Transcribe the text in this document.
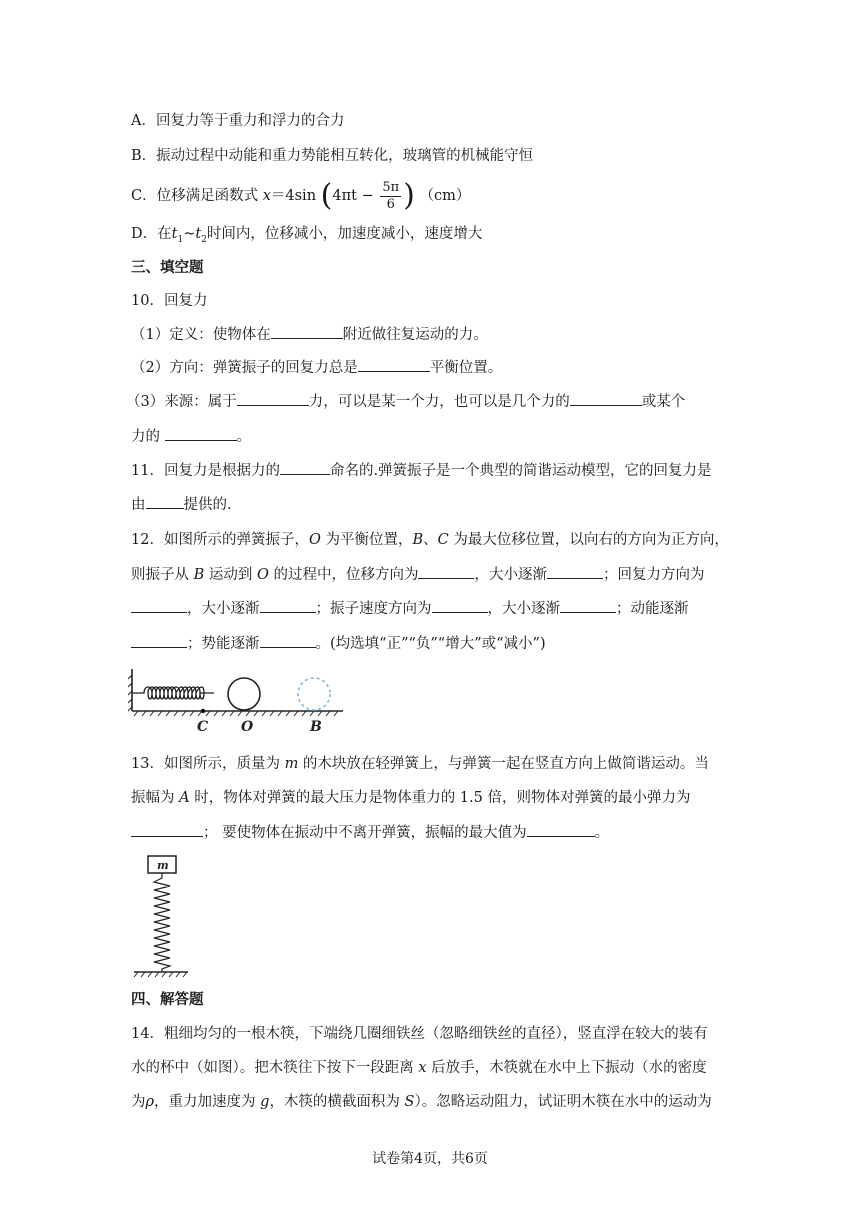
A．回复力等于重力和浮力的合力
B．振动过程中动能和重力势能相互转化，玻璃管的机械能守恒
C．位移满足函数式 x＝4sin ($4\pi t - \frac{5\pi}{6}$ ) （cm）
D．在$t_1\sim t_2$时间内，位移减小，加速度减小，速度增大
三、填空题
10．回复力
（1）定义：使物体在	附近做往复运动的力。
（2）方向：弹簧振子的回复力总是	平衡位置。
（3）来源：属于	力，可以是某一个力，也可以是几个力的	或某个
力的	。
11．回复力是根据力的	命名的.弹簧振子是一个典型的简谐运动模型，它的回复力是
由	提供的.
12．如图所示的弹簧振子，O 为平衡位置，B、C 为最大位移位置，以向右的方向为正方向，
则振子从 B 运动到 O 的过程中，位移方向为	，大小逐渐	；回复力方向为
，大小逐渐	；振子速度方向为	，大小逐渐	；动能逐渐
；势能逐渐	。(均选填“正”“负”“增大”或“减小”)
C O	B
13．如图所示，质量为 m 的木块放在轻弹簧上，与弹簧一起在竖直方向上做简谐运动。当
振幅为 A 时，物体对弹簧的最大压力是物体重力的 1.5 倍，则物体对弹簧的最小弹力为
； 要使物体在振动中不离开弹簧，振幅的最大值为	。
m
四、解答题
14．粗细均匀的一根木筷，下端绕几圈细铁丝（忽略细铁丝的直径），竖直浮在较大的装有
水的杯中（如图）。把木筷往下按下一段距离 x 后放手，木筷就在水中上下振动（水的密度
为ρ，重力加速度为 g，木筷的横截面积为 S）。忽略运动阻力，试证明木筷在水中的运动为
试卷第4页，共6页
